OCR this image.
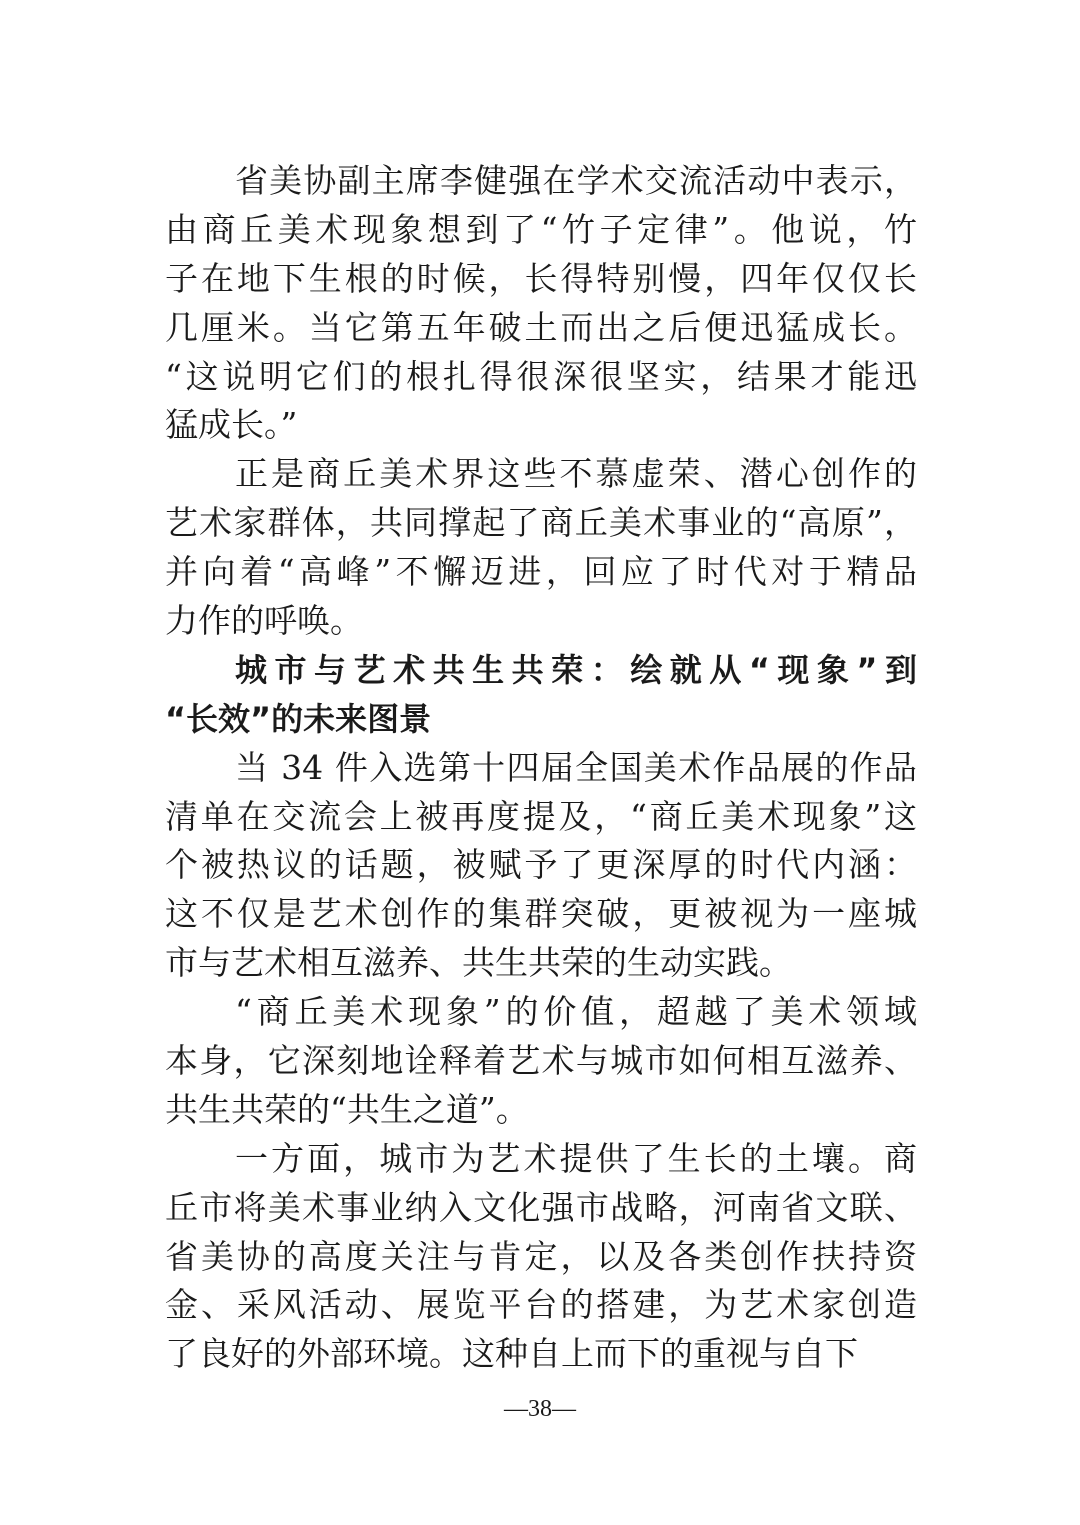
省美协副主席李健强在学术交流活动中表示，
由商丘美术现象想到了“竹子定律”。他说，竹
子在地下生根的时候，长得特别慢，四年仅仅长
几厘米。当它第五年破土而出之后便迅猛成长。
“这说明它们的根扎得很深很坚实，结果才能迅
猛成长。”
正是商丘美术界这些不慕虚荣、潜心创作的
艺术家群体，共同撑起了商丘美术事业的“高原”，
并向着“高峰”不懈迈进，回应了时代对于精品
力作的呼唤。
城市与艺术共生共荣：绘就从“现象”到
“长效”的未来图景
当 34 件入选第十四届全国美术作品展的作品
清单在交流会上被再度提及，“商丘美术现象”这
个被热议的话题，被赋予了更深厚的时代内涵：
这不仅是艺术创作的集群突破，更被视为一座城
市与艺术相互滋养、共生共荣的生动实践。
“商丘美术现象”的价值，超越了美术领域
本身，它深刻地诠释着艺术与城市如何相互滋养、
共生共荣的“共生之道”。
一方面，城市为艺术提供了生长的土壤。商
丘市将美术事业纳入文化强市战略，河南省文联、
省美协的高度关注与肯定，以及各类创作扶持资
金、采风活动、展览平台的搭建，为艺术家创造
了良好的外部环境。这种自上而下的重视与自下
—38—
